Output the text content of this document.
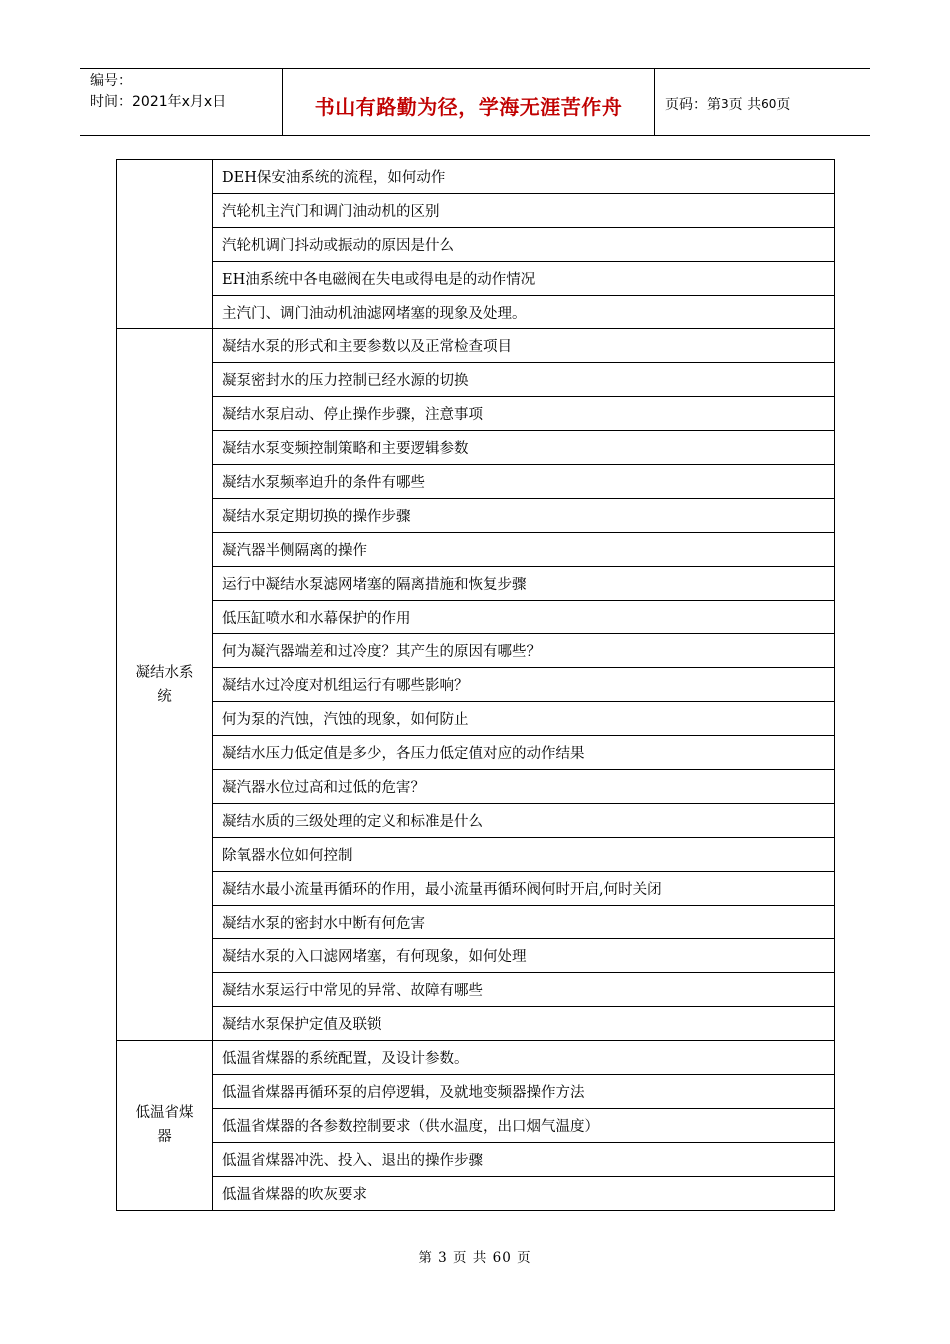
编号：
时间：2021年x月x日	书山有路勤为径，学海无涯苦作舟	页码：第 3 页 共 60 页
	DEH保安油系统的流程，如何动作
	汽轮机主汽门和调门油动机的区别
	汽轮机调门抖动或振动的原因是什么
	EH油系统中各电磁阀在失电或得电是的动作情况
	主汽门、调门油动机油滤网堵塞的现象及处理。
凝结水系统	凝结水泵的形式和主要参数以及正常检查项目
	凝泵密封水的压力控制已经水源的切换
	凝结水泵启动、停止操作步骤，注意事项
	凝结水泵变频控制策略和主要逻辑参数
	凝结水泵频率迫升的条件有哪些
	凝结水泵定期切换的操作步骤
	凝汽器半侧隔离的操作
	运行中凝结水泵滤网堵塞的隔离措施和恢复步骤
	低压缸喷水和水幕保护的作用
	何为凝汽器端差和过冷度？其产生的原因有哪些？
	凝结水过冷度对机组运行有哪些影响？
	何为泵的汽蚀，汽蚀的现象，如何防止
	凝结水压力低定值是多少，各压力低定值对应的动作结果
	凝汽器水位过高和过低的危害？
	凝结水质的三级处理的定义和标准是什么
	除氧器水位如何控制
	凝结水最小流量再循环的作用，最小流量再循环阀何时开启,何时关闭
	凝结水泵的密封水中断有何危害
	凝结水泵的入口滤网堵塞，有何现象，如何处理
	凝结水泵运行中常见的异常、故障有哪些
	凝结水泵保护定值及联锁
低温省煤器	低温省煤器的系统配置，及设计参数。
	低温省煤器再循环泵的启停逻辑，及就地变频器操作方法
	低温省煤器的各参数控制要求（供水温度，出口烟气温度）
	低温省煤器冲洗、投入、退出的操作步骤
	低温省煤器的吹灰要求
第 3 页 共 60 页
